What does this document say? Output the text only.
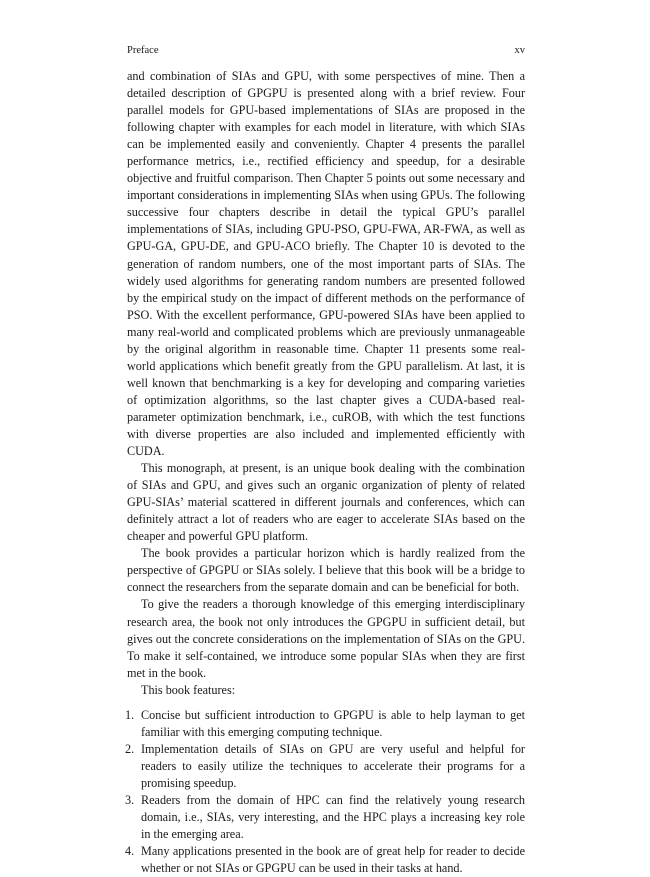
Preface	xv

and combination of SIAs and GPU, with some perspectives of mine. Then a detailed description of GPGPU is presented along with a brief review. Four parallel models for GPU-based implementations of SIAs are proposed in the following chapter with examples for each model in literature, with which SIAs can be implemented easily and conveniently. Chapter 4 presents the parallel performance metrics, i.e., rectified efficiency and speedup, for a desirable objective and fruitful comparison. Then Chapter 5 points out some necessary and important considerations in implementing SIAs when using GPUs. The following successive four chapters describe in detail the typical GPU’s parallel implementations of SIAs, including GPU-PSO, GPU-FWA, AR-FWA, as well as GPU-GA, GPU-DE, and GPU-ACO briefly. The Chapter 10 is devoted to the generation of random numbers, one of the most important parts of SIAs. The widely used algorithms for generating random numbers are presented followed by the empirical study on the impact of different methods on the performance of PSO. With the excellent performance, GPU-powered SIAs have been applied to many real-world and complicated problems which are previously unmanageable by the original algorithm in reasonable time. Chapter 11 presents some real-world applications which benefit greatly from the GPU parallelism. At last, it is well known that benchmarking is a key for developing and comparing varieties of optimization algorithms, so the last chapter gives a CUDA-based real-parameter optimization benchmark, i.e., cuROB, with which the test functions with diverse properties are also included and implemented efficiently with CUDA.

This monograph, at present, is an unique book dealing with the combination of SIAs and GPU, and gives such an organic organization of plenty of related GPU-SIAs’ material scattered in different journals and conferences, which can definitely attract a lot of readers who are eager to accelerate SIAs based on the cheaper and powerful GPU platform.

The book provides a particular horizon which is hardly realized from the perspective of GPGPU or SIAs solely. I believe that this book will be a bridge to connect the researchers from the separate domain and can be beneficial for both.

To give the readers a thorough knowledge of this emerging interdisciplinary research area, the book not only introduces the GPGPU in sufficient detail, but gives out the concrete considerations on the implementation of SIAs on the GPU. To make it self-contained, we introduce some popular SIAs when they are first met in the book.

This book features:

1. Concise but sufficient introduction to GPGPU is able to help layman to get familiar with this emerging computing technique.
2. Implementation details of SIAs on GPU are very useful and helpful for readers to easily utilize the techniques to accelerate their programs for a promising speedup.
3. Readers from the domain of HPC can find the relatively young research domain, i.e., SIAs, very interesting, and the HPC plays a increasing key role in the emerging area.
4. Many applications presented in the book are of great help for reader to decide whether or not SIAs or GPGPU can be used in their tasks at hand.
